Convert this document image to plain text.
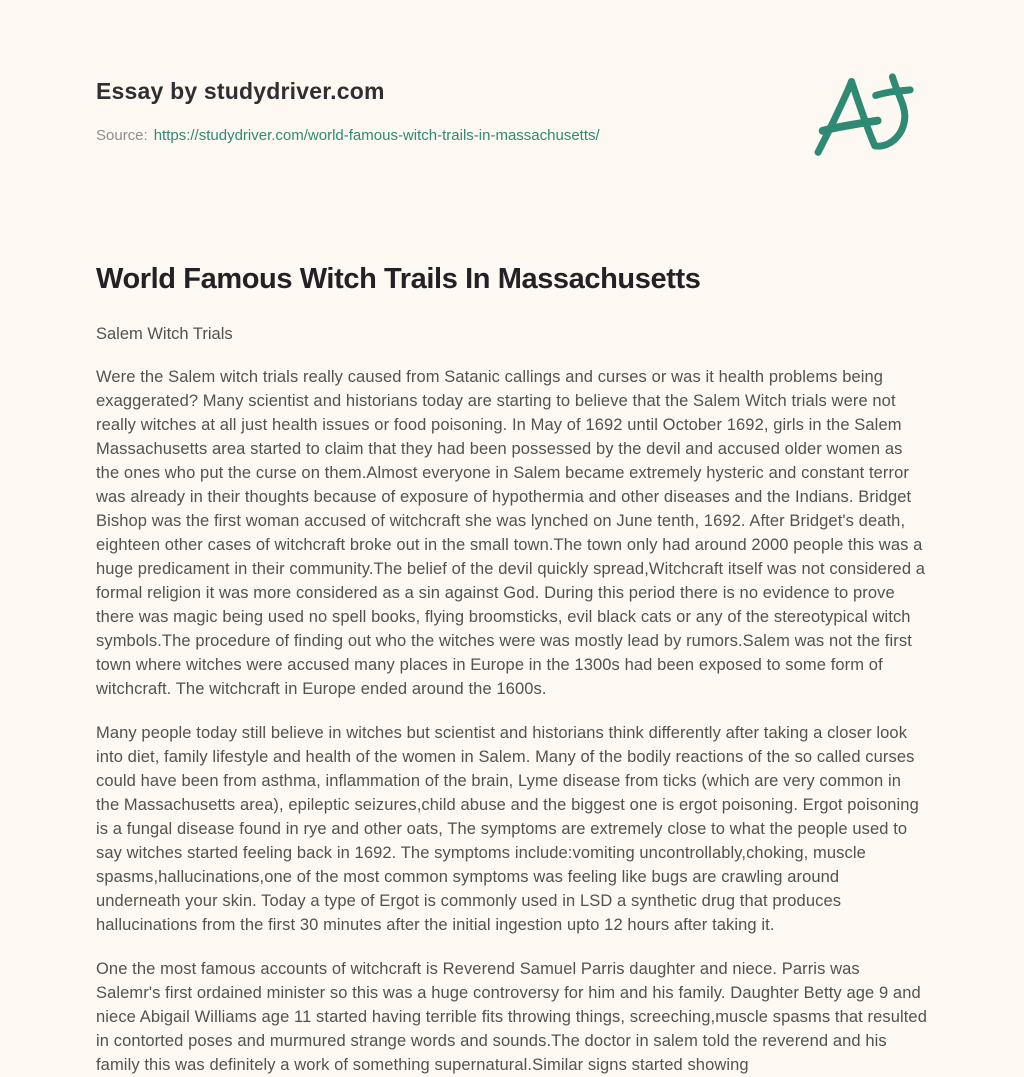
Essay by studydriver.com
Source: https://studydriver.com/world-famous-witch-trails-in-massachusetts/
World Famous Witch Trails In Massachusetts

Salem Witch Trials

Were the Salem witch trials really caused from Satanic callings and curses or was it health problems being exaggerated? Many scientist and historians today are starting to believe that the Salem Witch trials were not really witches at all just health issues or food poisoning. In May of 1692 until October 1692, girls in the Salem Massachusetts area started to claim that they had been possessed by the devil and accused older women as the ones who put the curse on them.Almost everyone in Salem became extremely hysteric and constant terror was already in their thoughts because of exposure of hypothermia and other diseases and the Indians. Bridget Bishop was the first woman accused of witchcraft she was lynched on June tenth, 1692. After Bridget's death, eighteen other cases of witchcraft broke out in the small town.The town only had around 2000 people this was a huge predicament in their community.The belief of the devil quickly spread,Witchcraft itself was not considered a formal religion it was more considered as a sin against God. During this period there is no evidence to prove there was magic being used no spell books, flying broomsticks, evil black cats or any of the stereotypical witch symbols.The procedure of finding out who the witches were was mostly lead by rumors.Salem was not the first town where witches were accused many places in Europe in the 1300s had been exposed to some form of witchcraft. The witchcraft in Europe ended around the 1600s.

Many people today still believe in witches but scientist and historians think differently after taking a closer look into diet, family lifestyle and health of the women in Salem. Many of the bodily reactions of the so called curses could have been from asthma, inflammation of the brain, Lyme disease from ticks (which are very common in the Massachusetts area), epileptic seizures,child abuse and the biggest one is ergot poisoning. Ergot poisoning is a fungal disease found in rye and other oats, The symptoms are extremely close to what the people used to say witches started feeling back in 1692. The symptoms include:vomiting uncontrollably,choking, muscle spasms,hallucinations,one of the most common symptoms was feeling like bugs are crawling around underneath your skin. Today a type of Ergot is commonly used in LSD a synthetic drug that produces hallucinations from the first 30 minutes after the initial ingestion upto 12 hours after taking it.

One the most famous accounts of witchcraft is Reverend Samuel Parris daughter and niece. Parris was Salemr's first ordained minister so this was a huge controversy for him and his family. Daughter Betty age 9 and niece Abigail Williams age 11 started having terrible fits throwing things, screeching,muscle spasms that resulted in contorted poses and murmured strange words and sounds.The doctor in salem told the reverend and his family this was definitely a work of something supernatural.Similar signs started showing
